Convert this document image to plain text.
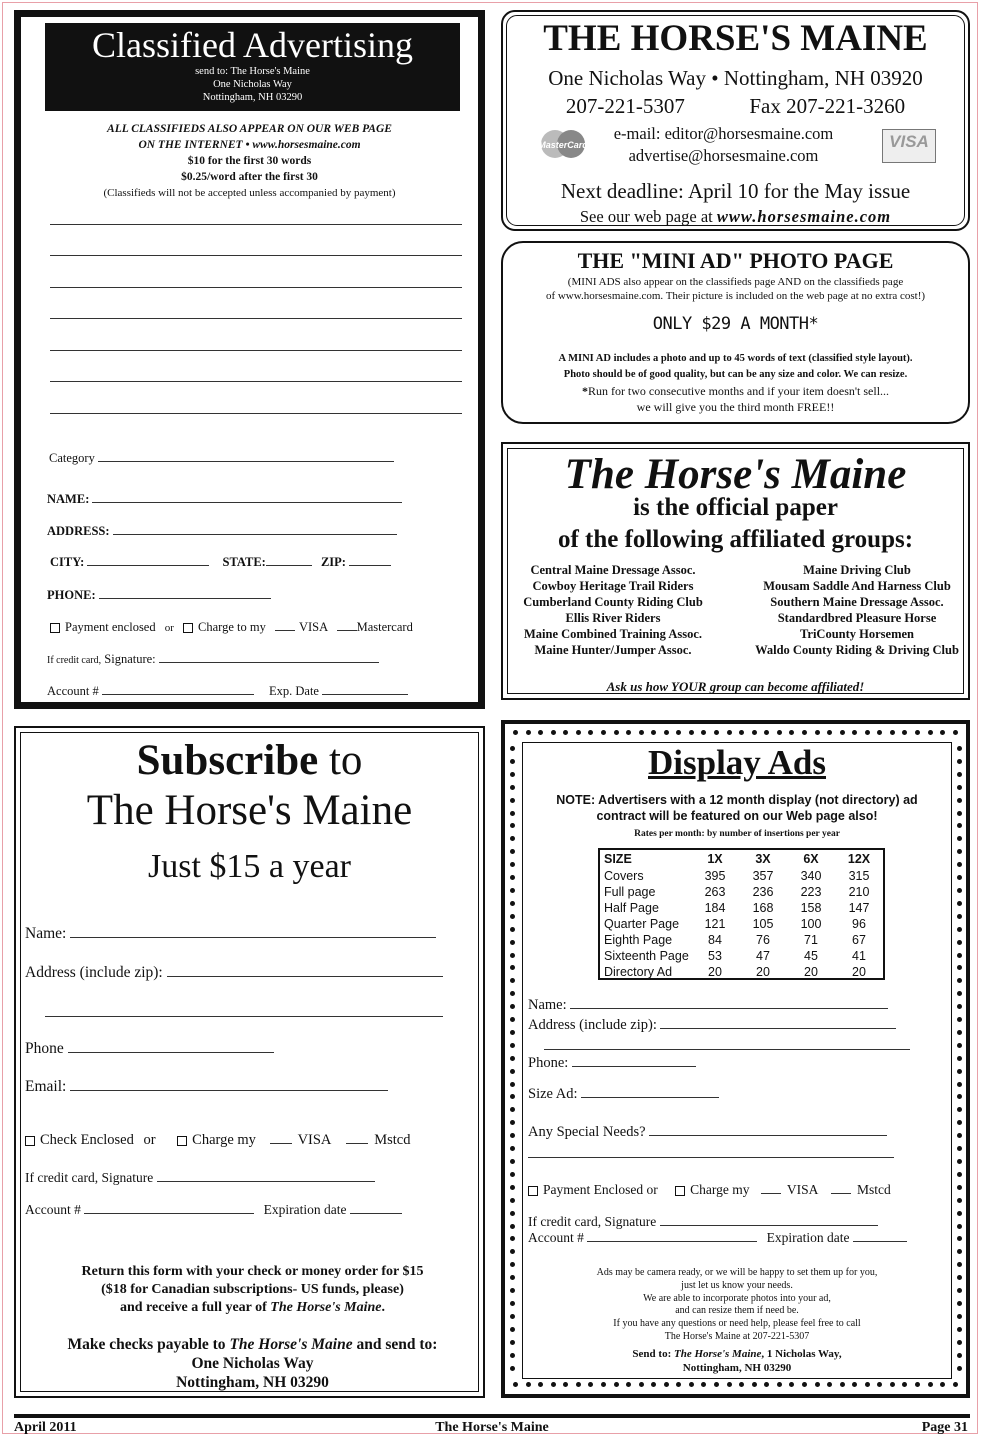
Classified Advertising
send to: The Horse's Maine
One Nicholas Way
Nottingham, NH 03290
ALL CLASSIFIEDS ALSO APPEAR ON OUR WEB PAGE
ON THE INTERNET • www.horsesmaine.com
$10 for the first 30 words
$0.25/word after the first 30
(Classifieds will not be accepted unless accompanied by payment)
Category
NAME:
ADDRESS:
CITY:	STATE:	ZIP:
PHONE:
Payment enclosed or Charge to my	VISA Mastercard
If credit card, Signature:
Account #	Exp. Date
THE HORSE'S MAINE
One Nicholas Way • Nottingham, NH 03920
207-221-5307	Fax 207-221-3260
e-mail: editor@horsesmaine.com
advertise@horsesmaine.com
MasterCard	VISA
Next deadline: April 10 for the May issue
See our web page at www.horsesmaine.com
THE "MINI AD" PHOTO PAGE
(MINI ADS also appear on the classifieds page AND on the classifieds page
of www.horsesmaine.com. Their picture is included on the web page at no extra cost!)
ONLY $29 A MONTH*
A MINI AD includes a photo and up to 45 words of text (classified style layout).
Photo should be of good quality, but can be any size and color. We can resize.
*Run for two consecutive months and if your item doesn't sell...
we will give you the third month FREE!!
The Horse's Maine
is the official paper
of the following affiliated groups:
Central Maine Dressage Assoc.
Cowboy Heritage Trail Riders
Cumberland County Riding Club
Ellis River Riders
Maine Combined Training Assoc.
Maine Hunter/Jumper Assoc.
Maine Driving Club
Mousam Saddle And Harness Club
Southern Maine Dressage Assoc.
Standardbred Pleasure Horse
TriCounty Horsemen
Waldo County Riding & Driving Club
Ask us how YOUR group can become affiliated!
Subscribe to
The Horse's Maine
Just $15 a year
Name:
Address (include zip):
Phone
Email:
Check Enclosed or	Charge my	VISA	Mstcd
If credit card, Signature
Account #	Expiration date
Return this form with your check or money order for $15
($18 for Canadian subscriptions- US funds, please)
and receive a full year of The Horse's Maine.
Make checks payable to The Horse's Maine and send to:
One Nicholas Way
Nottingham, NH 03290
Display Ads
NOTE: Advertisers with a 12 month display (not directory) ad
contract will be featured on our Web page also!
Rates per month: by number of insertions per year
SIZE	1X	3X	6X	12X
Covers	395	357	340	315
Full page	263	236	223	210
Half Page	184	168	158	147
Quarter Page	121	105	100	96
Eighth Page	84	76	71	67
Sixteenth Page	53	47	45	41
Directory Ad	20	20	20	20
Name:
Address (include zip):
Phone:
Size Ad:
Any Special Needs?
Payment Enclosed or Charge my	VISA	Mstcd
If credit card, Signature
Account #	Expiration date
Ads may be camera ready, or we will be happy to set them up for you,
just let us know your needs.
We are able to incorporate photos into your ad,
and can resize them if need be.
If you have any questions or need help, please feel free to call
The Horse's Maine at 207-221-5307
Send to: The Horse's Maine, 1 Nicholas Way,
Nottingham, NH 03290
April 2011	The Horse's Maine	Page 31
